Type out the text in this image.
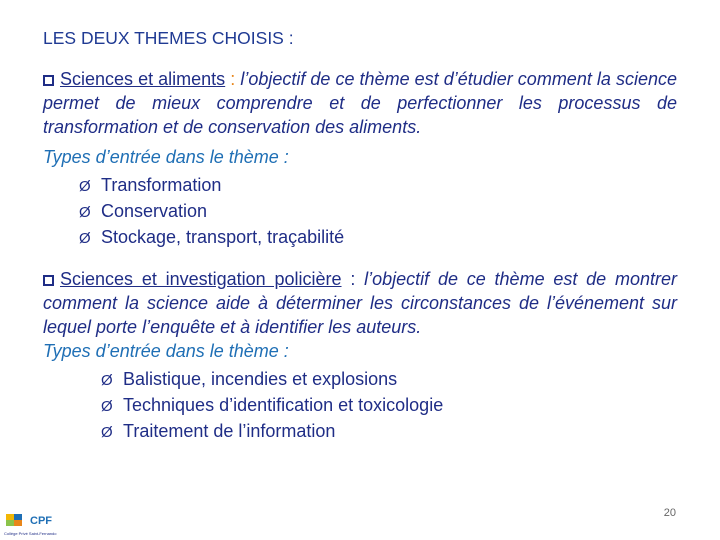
LES DEUX THEMES CHOISIS :

Sciences et aliments : l’objectif de ce thème est d’étudier comment la science permet de mieux comprendre et de perfectionner les processus de transformation et de conservation des aliments.

Types d’entrée dans le thème :

Ø Transformation
Ø Conservation
Ø Stockage, transport, traçabilité

Sciences et investigation policière : l’objectif de ce thème est de montrer comment la science aide à déterminer les circonstances de l’événement sur lequel porte l’enquête et à identifier les auteurs.

Types d’entrée dans le thème :

Ø Balistique, incendies et explosions
Ø Techniques d’identification et toxicologie
Ø Traitement de l’information
20
CPF
Collège Privé Saint-Fernando
